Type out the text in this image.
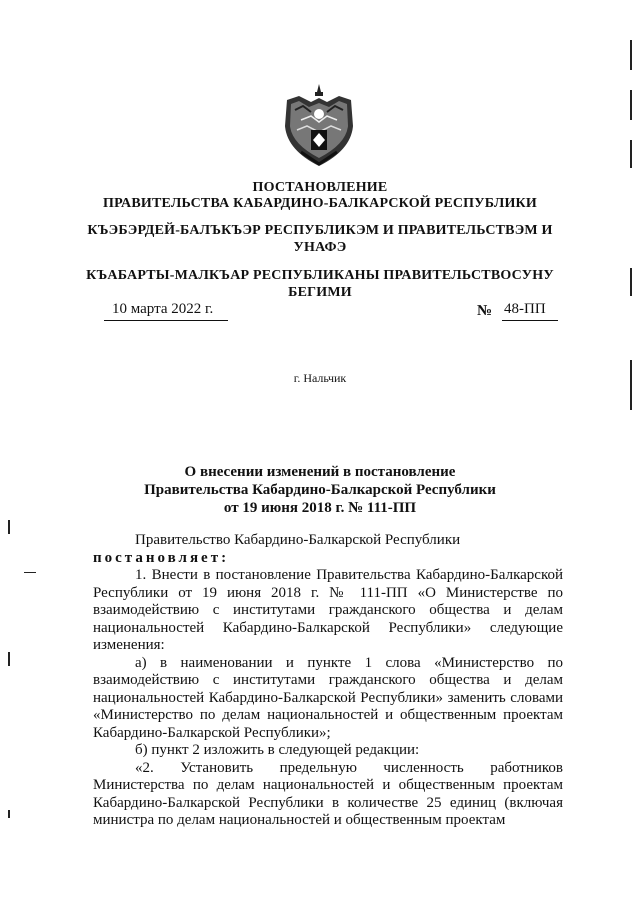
ПОСТАНОВЛЕНИЕ
ПРАВИТЕЛЬСТВА КАБАРДИНО-БАЛКАРСКОЙ РЕСПУБЛИКИ
КЪЭБЭРДЕЙ-БАЛЪКЪЭР РЕСПУБЛИКЭМ И ПРАВИТЕЛЬСТВЭМ И
УНАФЭ
КЪАБАРТЫ-МАЛКЪАР РЕСПУБЛИКАНЫ ПРАВИТЕЛЬСТВОСУНУ
БЕГИМИ
10 марта 2022 г.	№ 48-ПП
г. Нальчик
О внесении изменений в постановление
Правительства Кабардино-Балкарской Республики
от 19 июня 2018 г. № 111-ПП

Правительство Кабардино-Балкарской Республики

постановляет:

1. Внести в постановление Правительства Кабардино-Балкарской Республики от 19 июня 2018 г. № 111-ПП «О Министерстве по взаимодействию с институтами гражданского общества и делам национальностей Кабардино-Балкарской Республики» следующие изменения:

а) в наименовании и пункте 1 слова «Министерство по взаимодействию с институтами гражданского общества и делам национальностей Кабардино-Балкарской Республики» заменить словами «Министерство по делам национальностей и общественным проектам Кабардино-Балкарской Республики»;

б) пункт 2 изложить в следующей редакции:

«2. Установить предельную численность работников Министерства по делам национальностей и общественным проектам Кабардино-Балкарской Республики в количестве 25 единиц (включая министра по делам национальностей и общественным проектам
